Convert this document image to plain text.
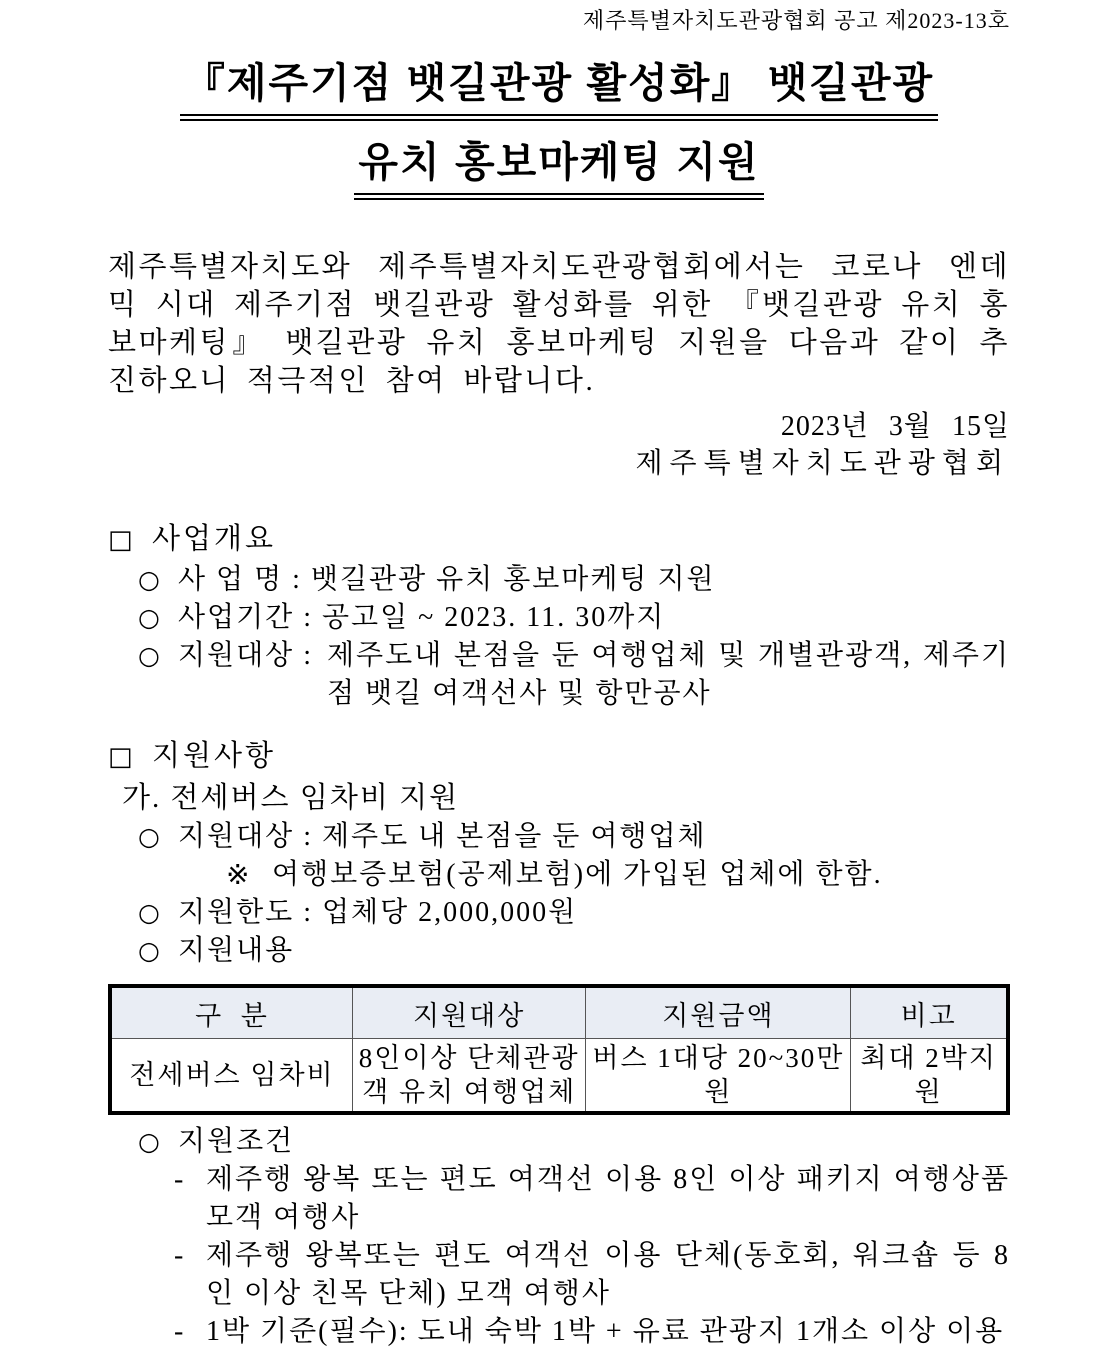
제주특별자치도관광협회 공고 제2023-13호
『제주기점 뱃길관광 활성화』 뱃길관광
유치 홍보마케팅 지원

제주특별자치도와 제주특별자치도관광협회에서는 코로나 엔데믹 시대 제주기점 뱃길관광 활성화를 위한 『뱃길관광 유치 홍보마케팅』 뱃길관광 유치 홍보마케팅 지원을 다음과 같이 추진하오니 적극적인 참여 바랍니다.

2023년 3월 15일
제주특별자치도관광협회
□ 사업개요
○ 사 업 명 : 뱃길관광 유치 홍보마케팅 지원
○ 사업기간 : 공고일 ~ 2023. 11. 30까지
○ 지원대상 : 제주도내 본점을 둔 여행업체 및 개별관광객, 제주기점 뱃길 여객선사 및 항만공사
□ 지원사항
가. 전세버스 임차비 지원
○ 지원대상 : 제주도 내 본점을 둔 여행업체
※ 여행보증보험(공제보험)에 가입된 업체에 한함.
○ 지원한도 : 업체당 2,000,000원
○ 지원내용
구  분	지원대상	지원금액	비고
전세버스 임차비	8인이상 단체관광객 유치 여행업체	버스 1대당 20~30만원	최대 2박지원
○ 지원조건
- 제주행 왕복 또는 편도 여객선 이용 8인 이상 패키지 여행상품 모객 여행사
- 제주행 왕복또는 편도 여객선 이용 단체(동호회, 워크숍 등 8인 이상 친목 단체) 모객 여행사
- 1박 기준(필수): 도내 숙박 1박 + 유료 관광지 1개소 이상 이용
